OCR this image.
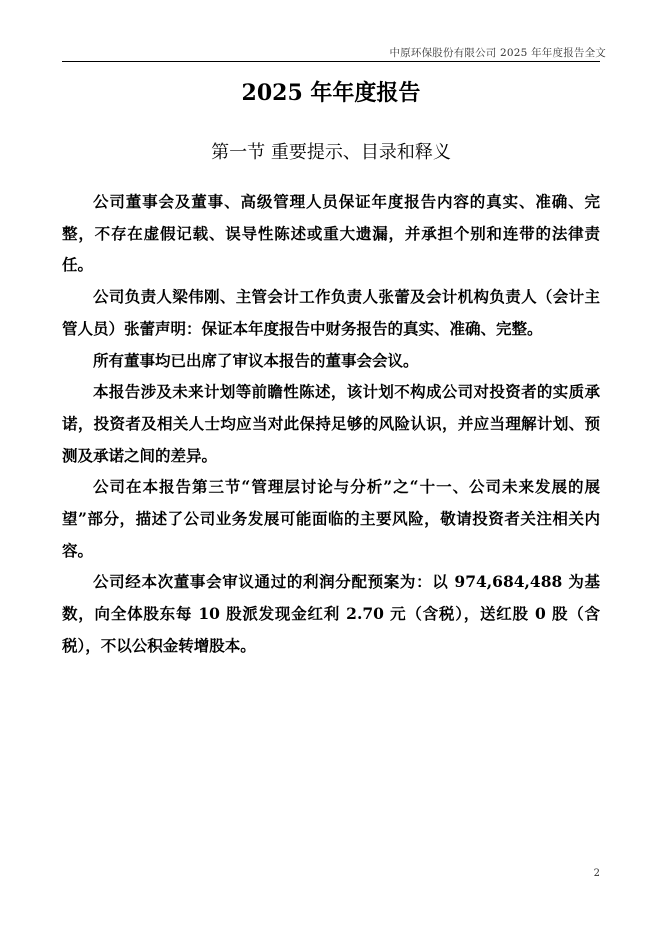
中原环保股份有限公司 2025 年年度报告全文
2025 年年度报告
第一节 重要提示、目录和释义

公司董事会及董事、高级管理人员保证年度报告内容的真实、准确、完整，不存在虚假记载、误导性陈述或重大遗漏，并承担个别和连带的法律责任。

公司负责人梁伟刚、主管会计工作负责人张蕾及会计机构负责人（会计主管人员）张蕾声明：保证本年度报告中财务报告的真实、准确、完整。

所有董事均已出席了审议本报告的董事会会议。

本报告涉及未来计划等前瞻性陈述，该计划不构成公司对投资者的实质承诺，投资者及相关人士均应当对此保持足够的风险认识，并应当理解计划、预测及承诺之间的差异。

公司在本报告第三节“管理层讨论与分析”之“十一、公司未来发展的展望”部分，描述了公司业务发展可能面临的主要风险，敬请投资者关注相关内容。

公司经本次董事会审议通过的利润分配预案为：以 974,684,488 为基数，向全体股东每 10 股派发现金红利 2.70 元（含税），送红股 0 股（含税），不以公积金转增股本。

2
